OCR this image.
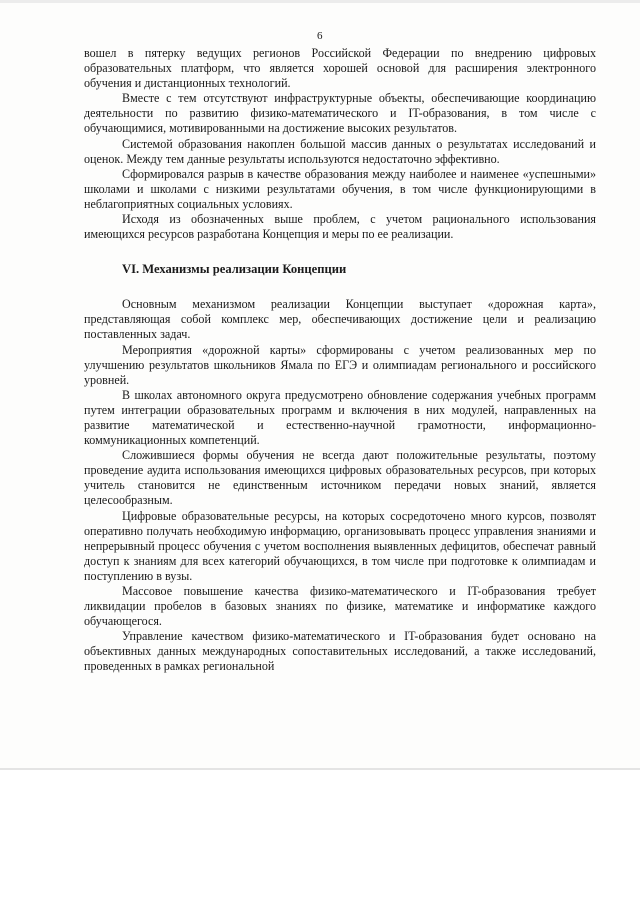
6

вошел в пятерку ведущих регионов Российской Федерации по внедрению цифровых образовательных платформ, что является хорошей основой для расширения электронного обучения и дистанционных технологий.

Вместе с тем отсутствуют инфраструктурные объекты, обеспечивающие координацию деятельности по развитию физико-математического и IT-образования, в том числе с обучающимися, мотивированными на достижение высоких результатов.

Системой образования накоплен большой массив данных о результатах исследований и оценок. Между тем данные результаты используются недостаточно эффективно.

Сформировался разрыв в качестве образования между наиболее и наименее «успешными» школами и школами с низкими результатами обучения, в том числе функционирующими в неблагоприятных социальных условиях.

Исходя из обозначенных выше проблем, с учетом рационального использования имеющихся ресурсов разработана Концепция и меры по ее реализации.

VI. Механизмы реализации Концепции

Основным механизмом реализации Концепции выступает «дорожная карта», представляющая собой комплекс мер, обеспечивающих достижение цели и реализацию поставленных задач.

Мероприятия «дорожной карты» сформированы с учетом реализованных мер по улучшению результатов школьников Ямала по ЕГЭ и олимпиадам регионального и российского уровней.

В школах автономного округа предусмотрено обновление содержания учебных программ путем интеграции образовательных программ и включения в них модулей, направленных на развитие математической и естественно-научной грамотности, информационно-коммуникационных компетенций.

Сложившиеся формы обучения не всегда дают положительные результаты, поэтому проведение аудита использования имеющихся цифровых образовательных ресурсов, при которых учитель становится не единственным источником передачи новых знаний, является целесообразным.

Цифровые образовательные ресурсы, на которых сосредоточено много курсов, позволят оперативно получать необходимую информацию, организовывать процесс управления знаниями и непрерывный процесс обучения с учетом восполнения выявленных дефицитов, обеспечат равный доступ к знаниям для всех категорий обучающихся, в том числе при подготовке к олимпиадам и поступлению в вузы.

Массовое повышение качества физико-математического и IT-образования требует ликвидации пробелов в базовых знаниях по физике, математике и информатике каждого обучающегося.

Управление качеством физико-математического и IT-образования будет основано на объективных данных международных сопоставительных исследований, а также исследований, проведенных в рамках региональной
